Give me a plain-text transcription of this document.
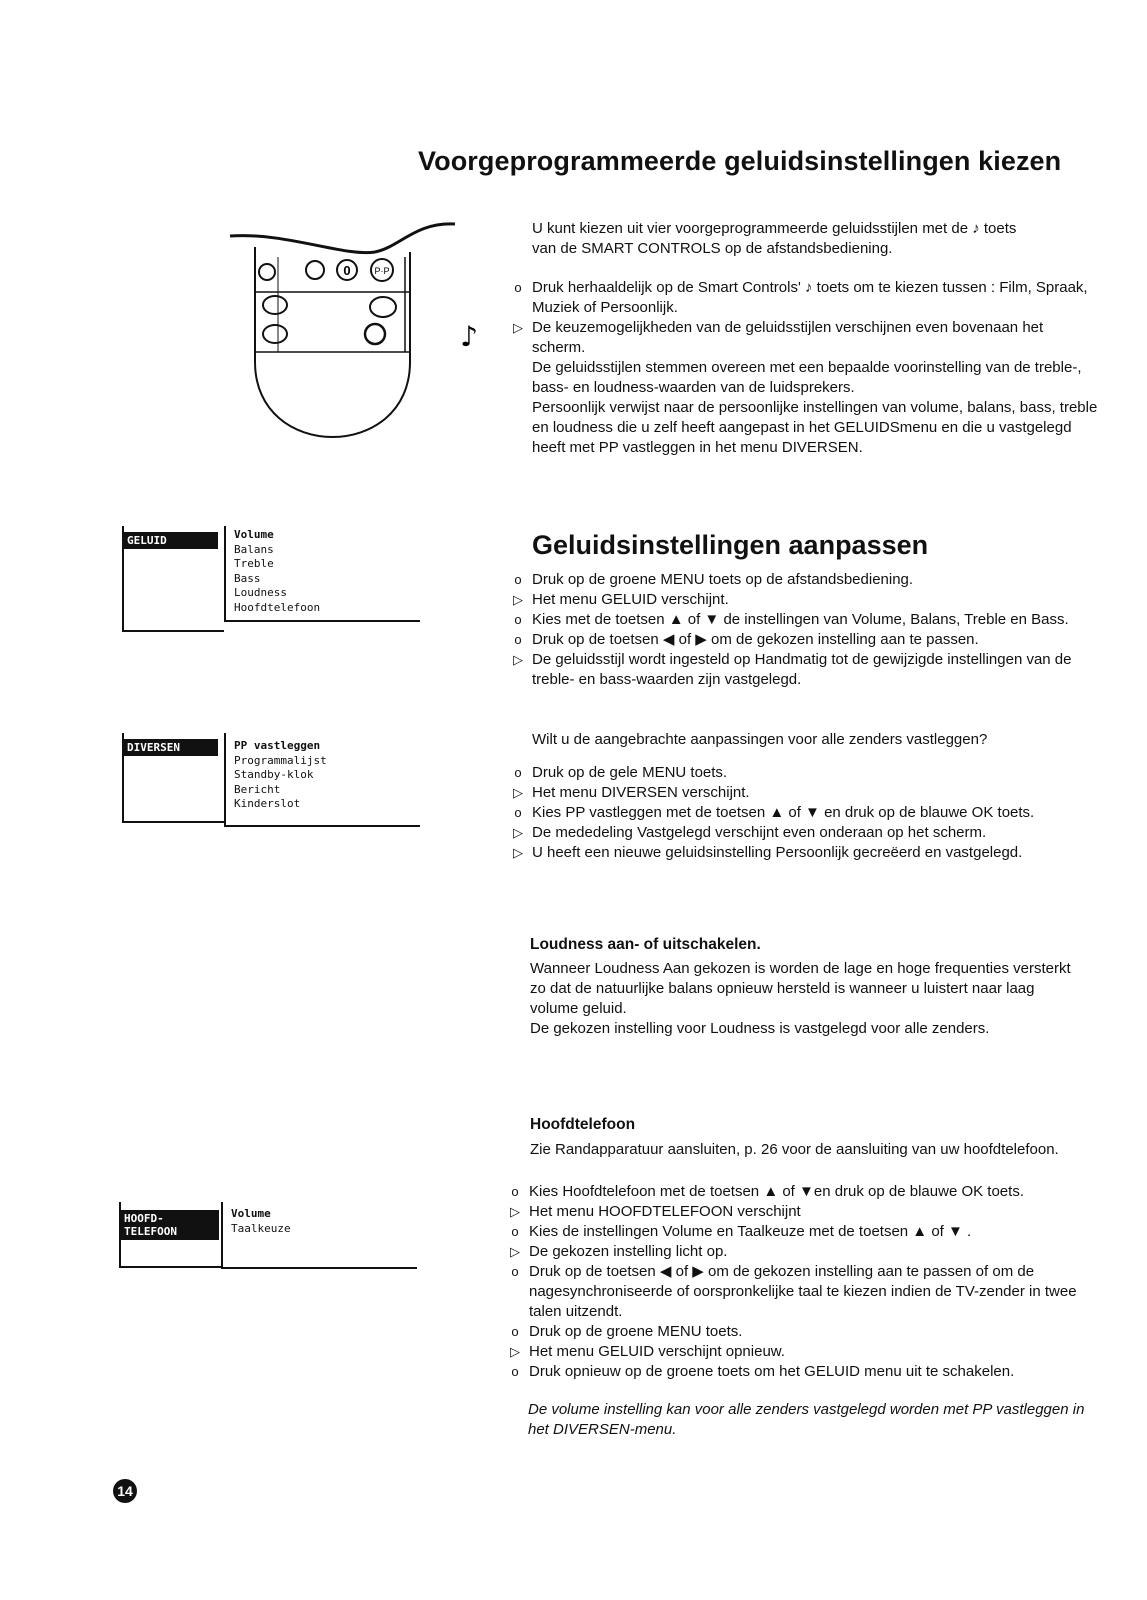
Voorgeprogrammeerde geluidsinstellingen kiezen
0	P·P
♪
U kunt kiezen uit vier voorgeprogrammeerde geluidsstijlen met de ♪ toets
van de SMART CONTROLS op de afstandsbediening.
o Druk herhaaldelijk op de Smart Controls' ♪ toets om te kiezen tussen : Film, Spraak, Muziek of Persoonlijk.
▷ De keuzemogelijkheden van de geluidsstijlen verschijnen even bovenaan het scherm.
De geluidsstijlen stemmen overeen met een bepaalde voorinstelling van de treble-, bass- en loudness-waarden van de luidsprekers.
Persoonlijk verwijst naar de persoonlijke instellingen van volume, balans, bass, treble en loudness die u zelf heeft aangepast in het GELUIDSmenu en die u vastgelegd heeft met PP vastleggen in het menu DIVERSEN.
GELUID	Volume
Balans
Treble
Bass
Loudness
Hoofdtelefoon
DIVERSEN	PP vastleggen
Programmalijst
Standby-klok
Bericht
Kinderslot
Geluidsinstellingen aanpassen
o Druk op de groene MENU toets op de afstandsbediening.
▷ Het menu GELUID verschijnt.
o Kies met de toetsen ▲ of ▼ de instellingen van Volume, Balans, Treble en Bass.
o Druk op de toetsen ◀ of ▶ om de gekozen instelling aan te passen.
▷ De geluidsstijl wordt ingesteld op Handmatig tot de gewijzigde instellingen van de treble- en bass-waarden zijn vastgelegd.
Wilt u de aangebrachte aanpassingen voor alle zenders vastleggen?
o Druk op de gele MENU toets.
▷ Het menu DIVERSEN verschijnt.
o Kies PP vastleggen met de toetsen ▲ of ▼ en druk op de blauwe OK toets.
▷ De mededeling Vastgelegd verschijnt even onderaan op het scherm.
▷ U heeft een nieuwe geluidsinstelling Persoonlijk gecreëerd en vastgelegd.
Loudness aan- of uitschakelen.
Wanneer Loudness Aan gekozen is worden de lage en hoge frequenties versterkt zo dat de natuurlijke balans opnieuw hersteld is wanneer u luistert naar laag volume geluid.
De gekozen instelling voor Loudness is vastgelegd voor alle zenders.
Hoofdtelefoon
Zie Randapparatuur aansluiten, p. 26 voor de aansluiting van uw hoofdtelefoon.
o Kies Hoofdtelefoon met de toetsen ▲ of ▼en druk op de blauwe OK toets.
▷ Het menu HOOFDTELEFOON verschijnt
o Kies de instellingen Volume en Taalkeuze met de toetsen ▲ of ▼ .
▷ De gekozen instelling licht op.
o Druk op de toetsen ◀ of ▶ om de gekozen instelling aan te passen of om de nagesynchroniseerde of oorspronkelijke taal te kiezen indien de TV-zender in twee talen uitzendt.
o Druk op de groene MENU toets.
▷ Het menu GELUID verschijnt opnieuw.
o Druk opnieuw op de groene toets om het GELUID menu uit te schakelen.
De volume instelling kan voor alle zenders vastgelegd worden met PP vastleggen in het DIVERSEN-menu.
HOOFD-
TELEFOON
Volume
Taalkeuze
14
